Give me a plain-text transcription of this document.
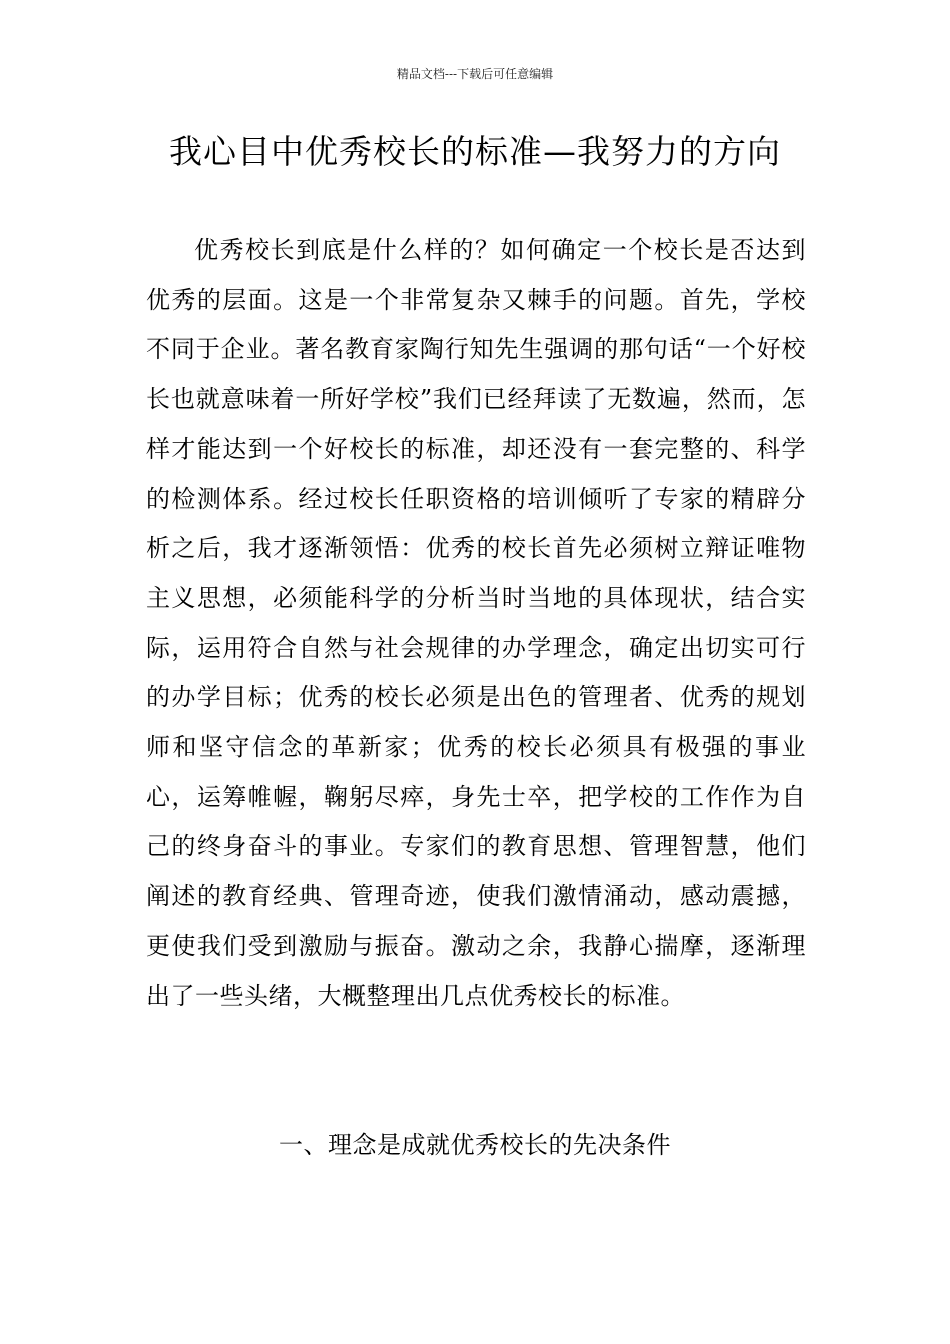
精品文档---下载后可任意编辑
我心目中优秀校长的标准—我努力的方向

优秀校长到底是什么样的？如何确定一个校长是否达到优秀的层面。这是一个非常复杂又棘手的问题。首先，学校不同于企业。著名教育家陶行知先生强调的那句话“一个好校长也就意味着一所好学校”我们已经拜读了无数遍，然而，怎样才能达到一个好校长的标准，却还没有一套完整的、科学的检测体系。经过校长任职资格的培训倾听了专家的精辟分析之后，我才逐渐领悟：优秀的校长首先必须树立辩证唯物主义思想，必须能科学的分析当时当地的具体现状，结合实际，运用符合自然与社会规律的办学理念，确定出切实可行的办学目标；优秀的校长必须是出色的管理者、优秀的规划师和坚守信念的革新家；优秀的校长必须具有极强的事业心，运筹帷幄，鞠躬尽瘁，身先士卒，把学校的工作作为自己的终身奋斗的事业。专家们的教育思想、管理智慧，他们阐述的教育经典、管理奇迹，使我们激情涌动，感动震撼，更使我们受到激励与振奋。激动之余，我静心揣摩，逐渐理出了一些头绪，大概整理出几点优秀校长的标准。

一、理念是成就优秀校长的先决条件
